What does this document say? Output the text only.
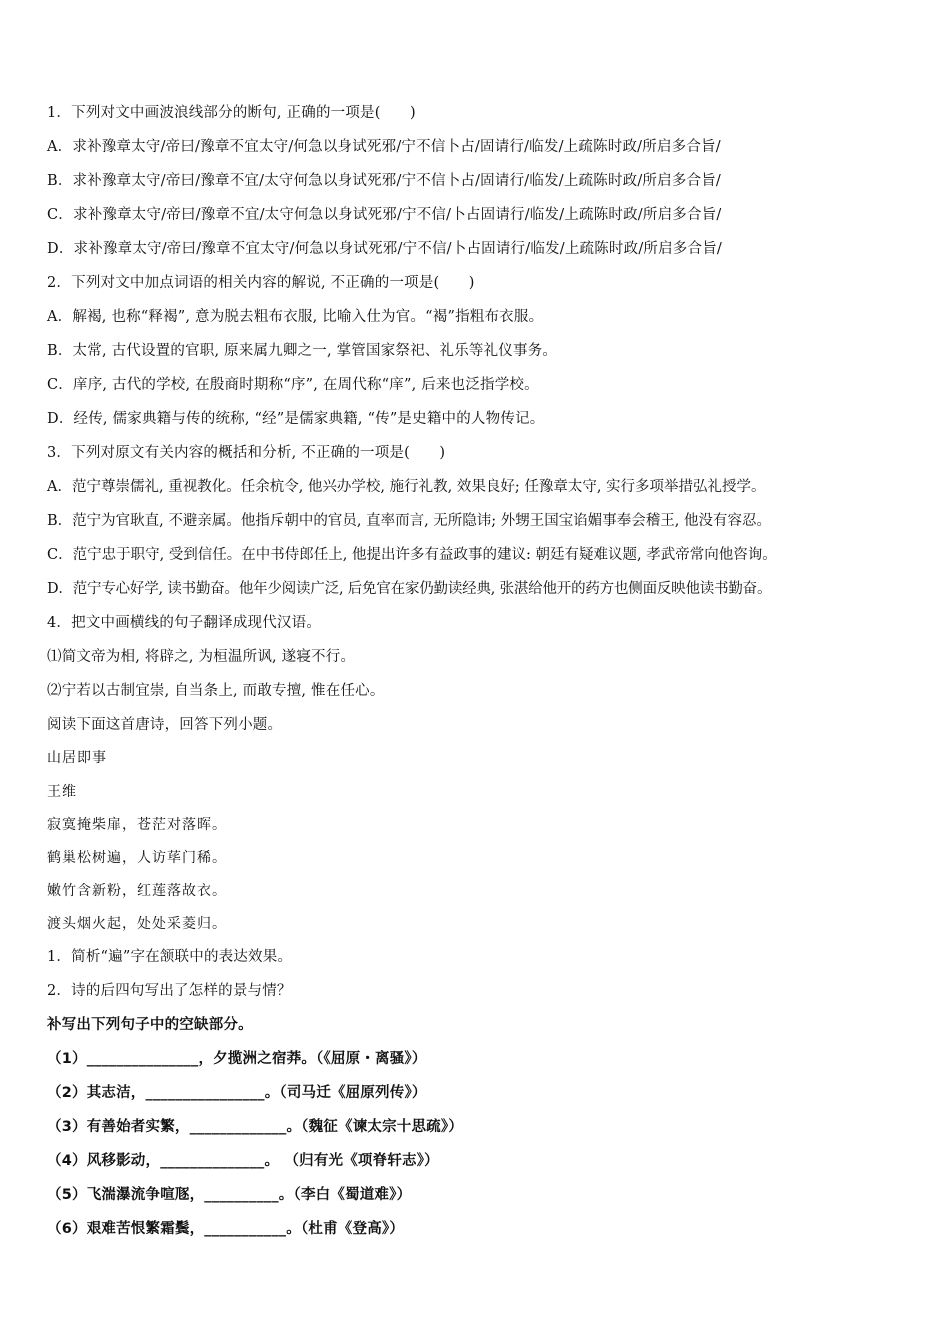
1．下列对文中画波浪线部分的断句, 正确的一项是(　　)
A．求补豫章太守/帝曰/豫章不宜太守/何急以身试死邪/宁不信卜占/固请行/临发/上疏陈时政/所启多合旨/
B．求补豫章太守/帝曰/豫章不宜/太守何急以身试死邪/宁不信卜占/固请行/临发/上疏陈时政/所启多合旨/
C．求补豫章太守/帝曰/豫章不宜/太守何急以身试死邪/宁不信/卜占固请行/临发/上疏陈时政/所启多合旨/
D．求补豫章太守/帝曰/豫章不宜太守/何急以身试死邪/宁不信/卜占固请行/临发/上疏陈时政/所启多合旨/
2．下列对文中加点词语的相关内容的解说, 不正确的一项是(　　)
A．解褐, 也称“释褐”, 意为脱去粗布衣服, 比喻入仕为官。“褐”指粗布衣服。
B．太常, 古代设置的官职, 原来属九卿之一, 掌管国家祭祀、礼乐等礼仪事务。
C．庠序, 古代的学校, 在殷商时期称“序”, 在周代称“庠”, 后来也泛指学校。
D．经传, 儒家典籍与传的统称, “经”是儒家典籍, “传”是史籍中的人物传记。
3．下列对原文有关内容的概括和分析, 不正确的一项是(　　)
A．范宁尊崇儒礼, 重视教化。任余杭令, 他兴办学校, 施行礼教, 效果良好; 任豫章太守, 实行多项举措弘礼授学。
B．范宁为官耿直, 不避亲属。他指斥朝中的官员, 直率而言, 无所隐讳; 外甥王国宝谄媚事奉会稽王, 他没有容忍。
C．范宁忠于职守, 受到信任。在中书侍郎任上, 他提出许多有益政事的建议: 朝廷有疑难议题, 孝武帝常向他咨询。
D．范宁专心好学, 读书勤奋。他年少阅读广泛, 后免官在家仍勤读经典, 张湛给他开的药方也侧面反映他读书勤奋。
4．把文中画横线的句子翻译成现代汉语。
⑴简文帝为相, 将辟之, 为桓温所讽, 遂寝不行。
⑵宁若以古制宜崇, 自当条上, 而敢专擅, 惟在任心。
阅读下面这首唐诗，回答下列小题。
山居即事
王维
寂寞掩柴扉，苍茫对落晖。
鹤巢松树遍，人访荜门稀。
嫩竹含新粉，红莲落故衣。
渡头烟火起，处处采菱归。
1．简析“遍”字在颔联中的表达效果。
2．诗的后四句写出了怎样的景与情？
补写出下列句子中的空缺部分。
（1）_______________，夕揽洲之宿莽。（《屈原・离骚》）
（2）其志洁，________________。（司马迁《屈原列传》）
（3）有善始者实繁，_____________。（魏征《谏太宗十思疏》）
（4）风移影动，______________。 （归有光《项脊轩志》）
（5）飞湍瀑流争喧豗，__________。（李白《蜀道难》）
（6）艰难苦恨繁霜鬓，___________。（杜甫《登高》）
